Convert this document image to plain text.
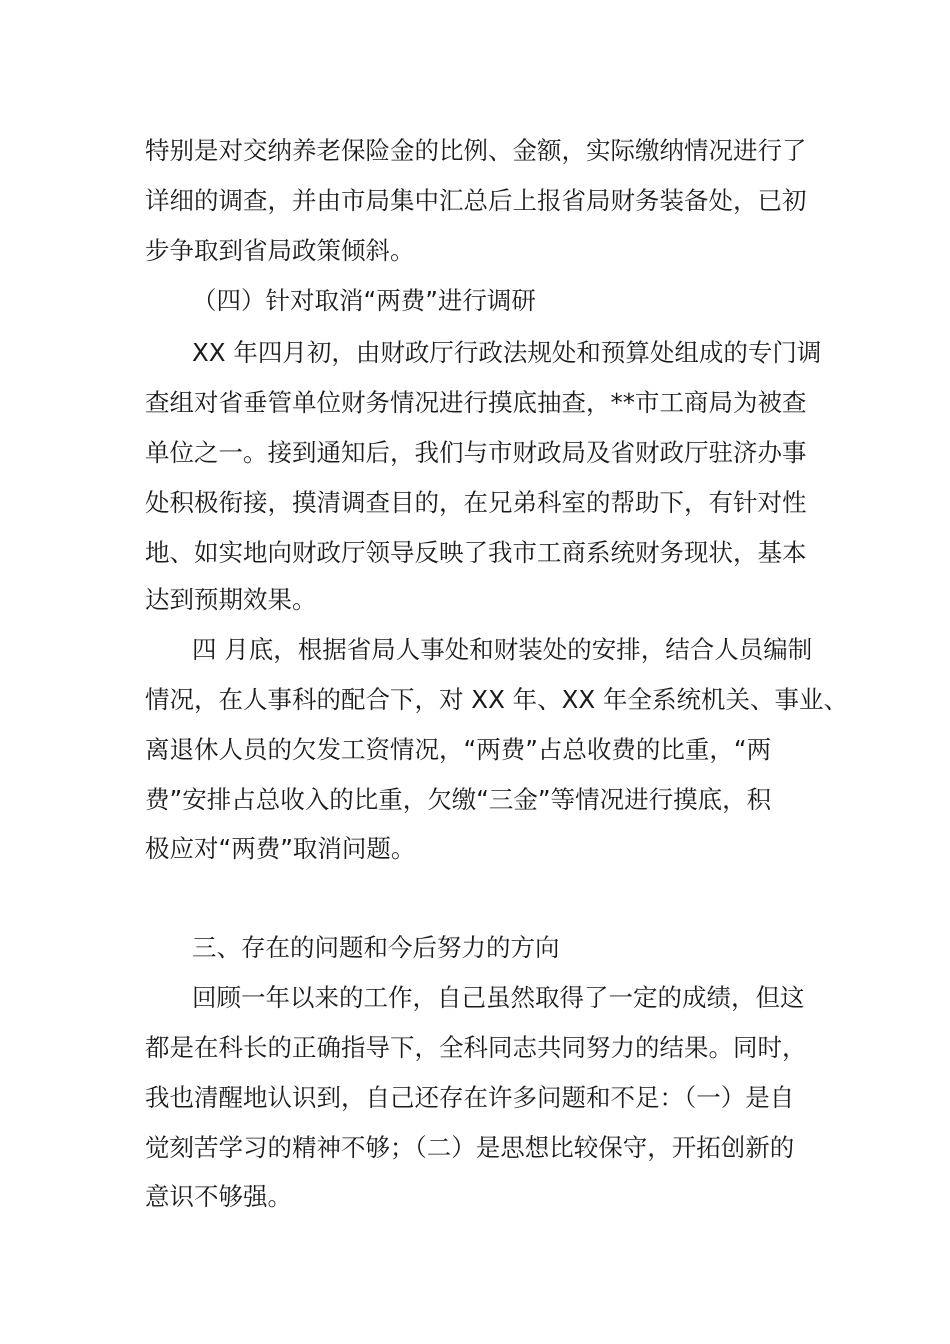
特别是对交纳养老保险金的比例、金额，实际缴纳情况进行了
详细的调查，并由市局集中汇总后上报省局财务装备处，已初
步争取到省局政策倾斜。
（四）针对取消“两费”进行调研
XX 年四月初，由财政厅行政法规处和预算处组成的专门调
查组对省垂管单位财务情况进行摸底抽查，**市工商局为被查
单位之一。接到通知后，我们与市财政局及省财政厅驻济办事
处积极衔接，摸清调查目的，在兄弟科室的帮助下，有针对性
地、如实地向财政厅领导反映了我市工商系统财务现状，基本
达到预期效果。
四 月底，根据省局人事处和财装处的安排，结合人员编制
情况，在人事科的配合下，对 XX 年、XX 年全系统机关、事业、
离退休人员的欠发工资情况，“两费”占总收费的比重，“两
费”安排占总收入的比重，欠缴“三金”等情况进行摸底，积
极应对“两费”取消问题。
三、存在的问题和今后努力的方向
回顾一年以来的工作，自己虽然取得了一定的成绩，但这
都是在科长的正确指导下，全科同志共同努力的结果。同时，
我也清醒地认识到，自己还存在许多问题和不足：（一）是自
觉刻苦学习的精神不够；（二）是思想比较保守，开拓创新的
意识不够强。
